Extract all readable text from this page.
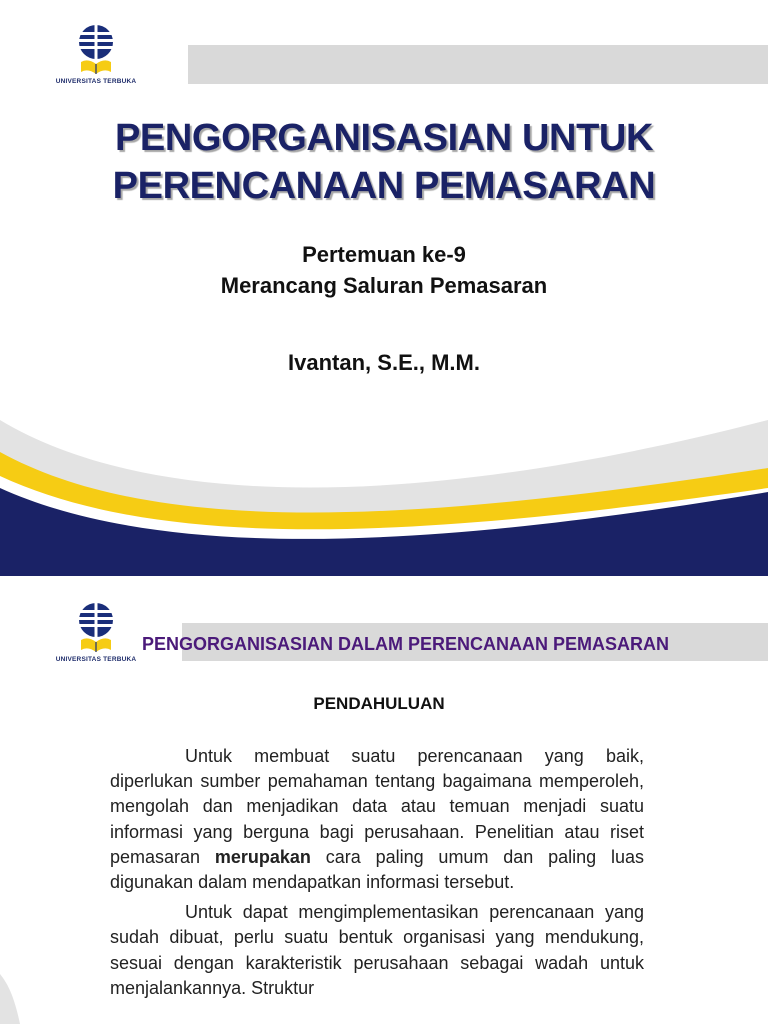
UNIVERSITAS TERBUKA
PENGORGANISASIAN UNTUK
PERENCANAAN PEMASARAN
Pertemuan ke-9
Merancang Saluran Pemasaran
Ivantan, S.E., M.M.
UNIVERSITAS TERBUKA
PENGORGANISASIAN DALAM PERENCANAAN PEMASARAN
PENDAHULUAN

Untuk membuat suatu perencanaan yang baik, diperlukan sumber pemahaman tentang bagaimana memperoleh, mengolah dan menjadikan data atau temuan menjadi suatu informasi yang berguna bagi perusahaan. Penelitian atau riset pemasaran merupakan cara paling umum dan paling luas digunakan dalam mendapatkan informasi tersebut.

Untuk dapat mengimplementasikan perencanaan yang sudah dibuat, perlu suatu bentuk organisasi yang mendukung, sesuai dengan karakteristik perusahaan sebagai wadah untuk menjalankannya. Struktur
